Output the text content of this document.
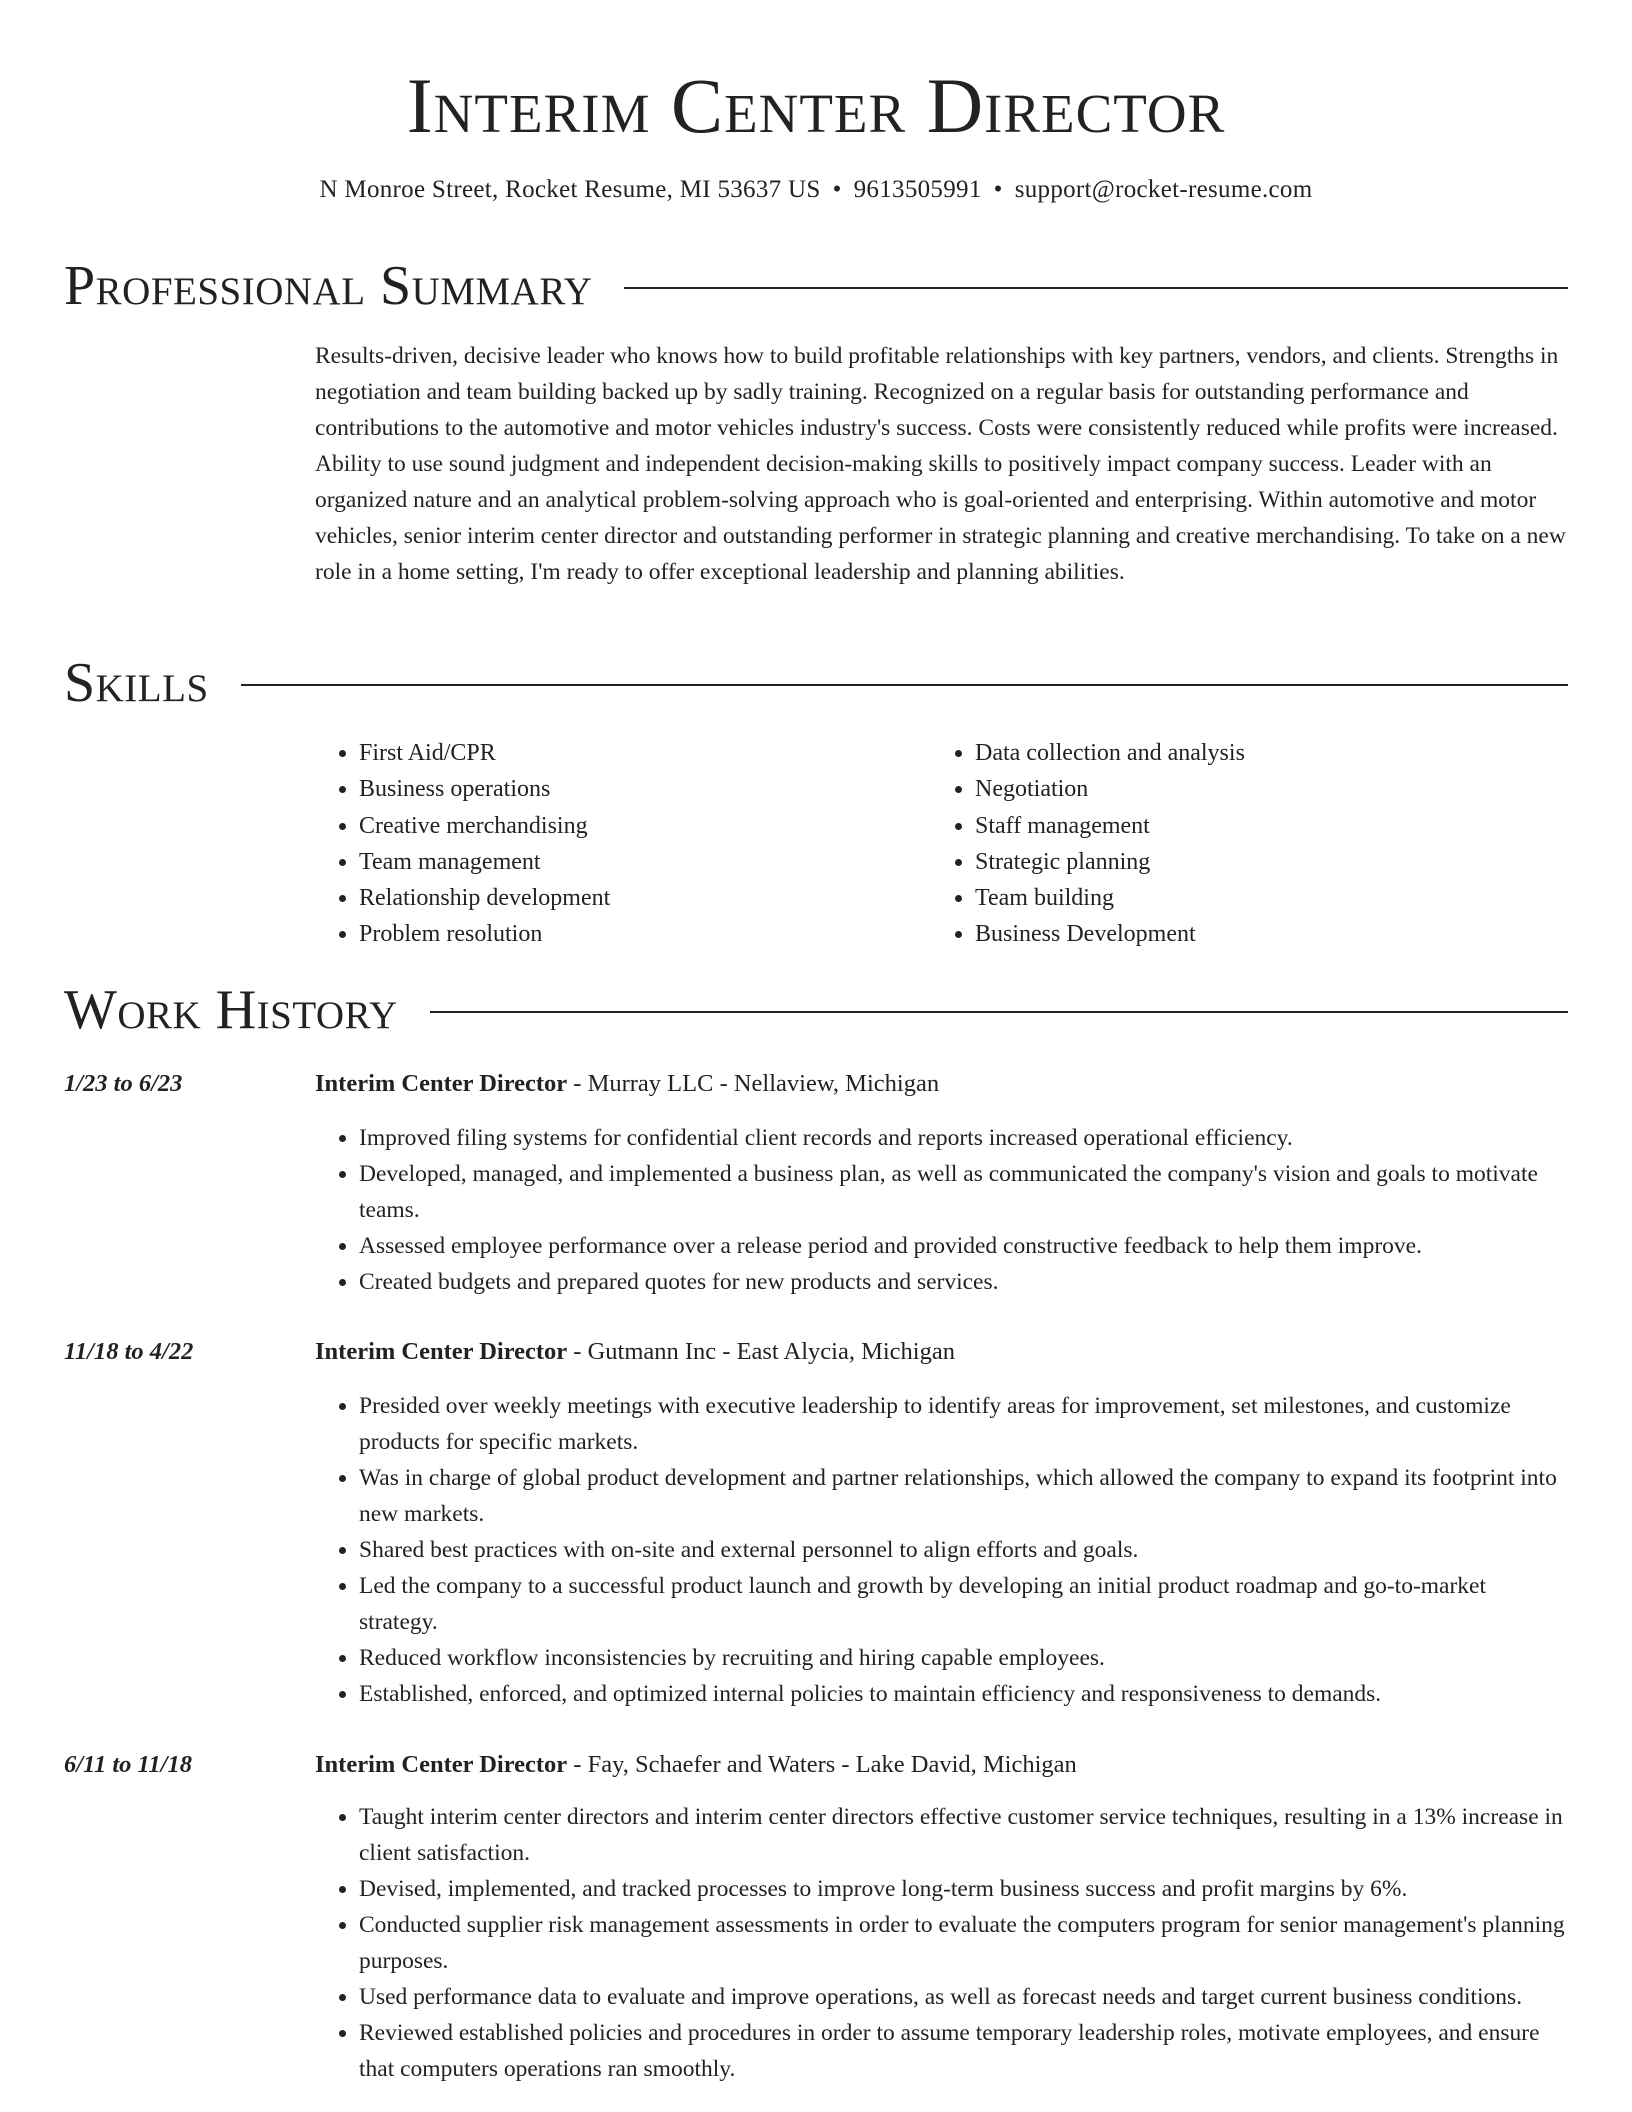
Interim Center Director
N Monroe Street, Rocket Resume, MI 53637 US • 9613505991 • support@rocket-resume.com
Professional Summary

Results-driven, decisive leader who knows how to build profitable relationships with key partners, vendors, and clients. Strengths in negotiation and team building backed up by sadly training. Recognized on a regular basis for outstanding performance and contributions to the automotive and motor vehicles industry's success. Costs were consistently reduced while profits were increased. Ability to use sound judgment and independent decision-making skills to positively impact company success. Leader with an organized nature and an analytical problem-solving approach who is goal-oriented and enterprising. Within automotive and motor vehicles, senior interim center director and outstanding performer in strategic planning and creative merchandising. To take on a new role in a home setting, I'm ready to offer exceptional leadership and planning abilities.

Skills
• First Aid/CPR
• Business operations
• Creative merchandising
• Team management
• Relationship development
• Problem resolution
• Data collection and analysis
• Negotiation
• Staff management
• Strategic planning
• Team building
• Business Development
Work History
1/23 to 6/23	Interim Center Director - Murray LLC - Nellaview, Michigan
• Improved filing systems for confidential client records and reports increased operational efficiency.
• Developed, managed, and implemented a business plan, as well as communicated the company's vision and goals to motivate teams.
• Assessed employee performance over a release period and provided constructive feedback to help them improve.
• Created budgets and prepared quotes for new products and services.
11/18 to 4/22	Interim Center Director - Gutmann Inc - East Alycia, Michigan
• Presided over weekly meetings with executive leadership to identify areas for improvement, set milestones, and customize products for specific markets.
• Was in charge of global product development and partner relationships, which allowed the company to expand its footprint into new markets.
• Shared best practices with on-site and external personnel to align efforts and goals.
• Led the company to a successful product launch and growth by developing an initial product roadmap and go-to-market strategy.
• Reduced workflow inconsistencies by recruiting and hiring capable employees.
• Established, enforced, and optimized internal policies to maintain efficiency and responsiveness to demands.
6/11 to 11/18	Interim Center Director - Fay, Schaefer and Waters - Lake David, Michigan
• Taught interim center directors and interim center directors effective customer service techniques, resulting in a 13% increase in client satisfaction.
• Devised, implemented, and tracked processes to improve long-term business success and profit margins by 6%.
• Conducted supplier risk management assessments in order to evaluate the computers program for senior management's planning purposes.
• Used performance data to evaluate and improve operations, as well as forecast needs and target current business conditions.
• Reviewed established policies and procedures in order to assume temporary leadership roles, motivate employees, and ensure that computers operations ran smoothly.
